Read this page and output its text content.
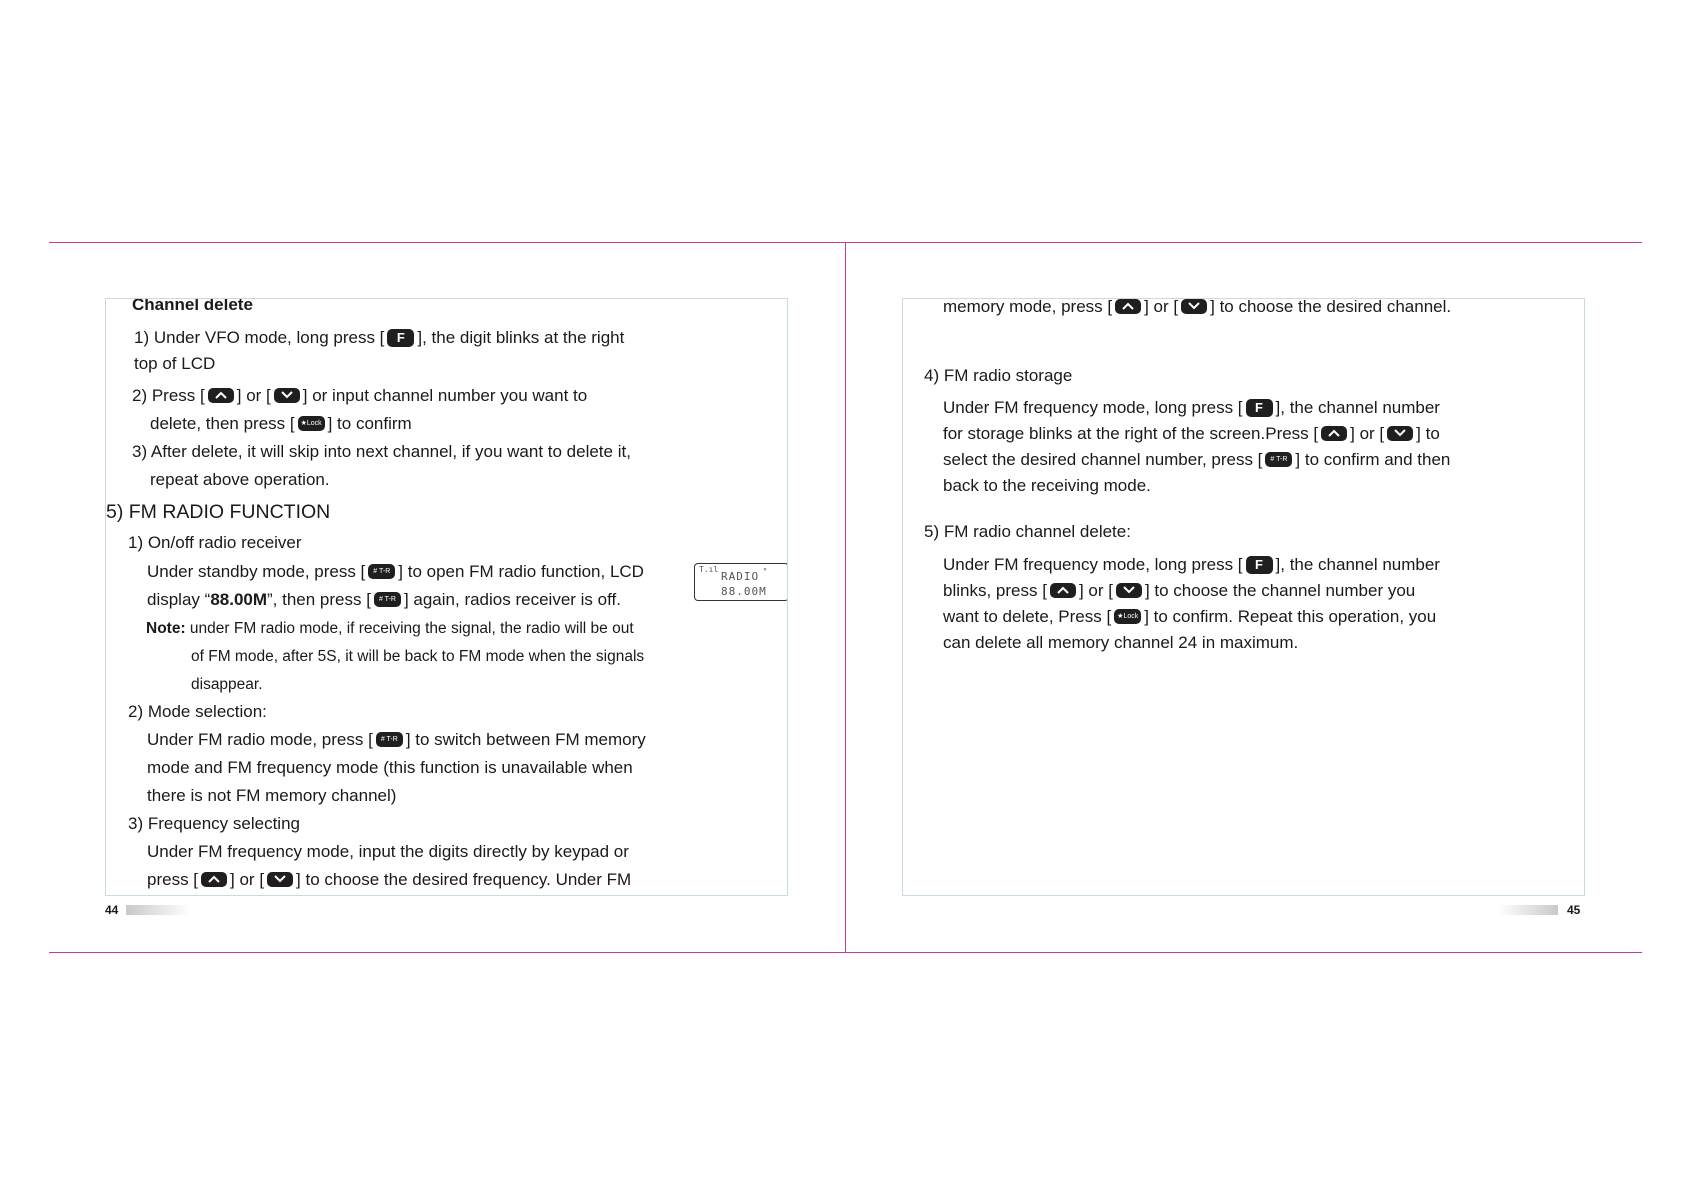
Channel delete
1) Under VFO mode, long press [ F ], the digit blinks at the right
top of LCD
2) Press [ ] or [ ] or input channel number you want to
delete, then press [ ★Lock ] to confirm
3) After delete, it will skip into next channel, if you want to delete it,
repeat above operation.
5) FM RADIO FUNCTION
1) On/off radio receiver
Under standby mode, press [ # T-R ] to open FM radio function, LCD
display “88.00M”, then press [ # T-R ] again, radios receiver is off.
T.ıl	⚬
RADIO
88.00M
Note: under FM radio mode, if receiving the signal, the radio will be out
of FM mode, after 5S, it will be back to FM mode when the signals
disappear.
2) Mode selection:
Under FM radio mode, press [ # T-R ] to switch between FM memory
mode and FM frequency mode (this function is unavailable when
there is not FM memory channel)
3) Frequency selecting
Under FM frequency mode, input the digits directly by keypad or
press [ ] or [ ] to choose the desired frequency. Under FM
44
memory mode, press [ ] or [ ] to choose the desired channel.
4) FM radio storage
Under FM frequency mode, long press [ F ], the channel number
for storage blinks at the right of the screen.Press [ ] or [ ] to
select the desired channel number, press [ # T-R ] to confirm and then
back to the receiving mode.
5) FM radio channel delete:
Under FM frequency mode, long press [ F ], the channel number
blinks, press [ ] or [ ] to choose the channel number you
want to delete, Press [ ★Lock ] to confirm. Repeat this operation, you
can delete all memory channel 24 in maximum.
45
